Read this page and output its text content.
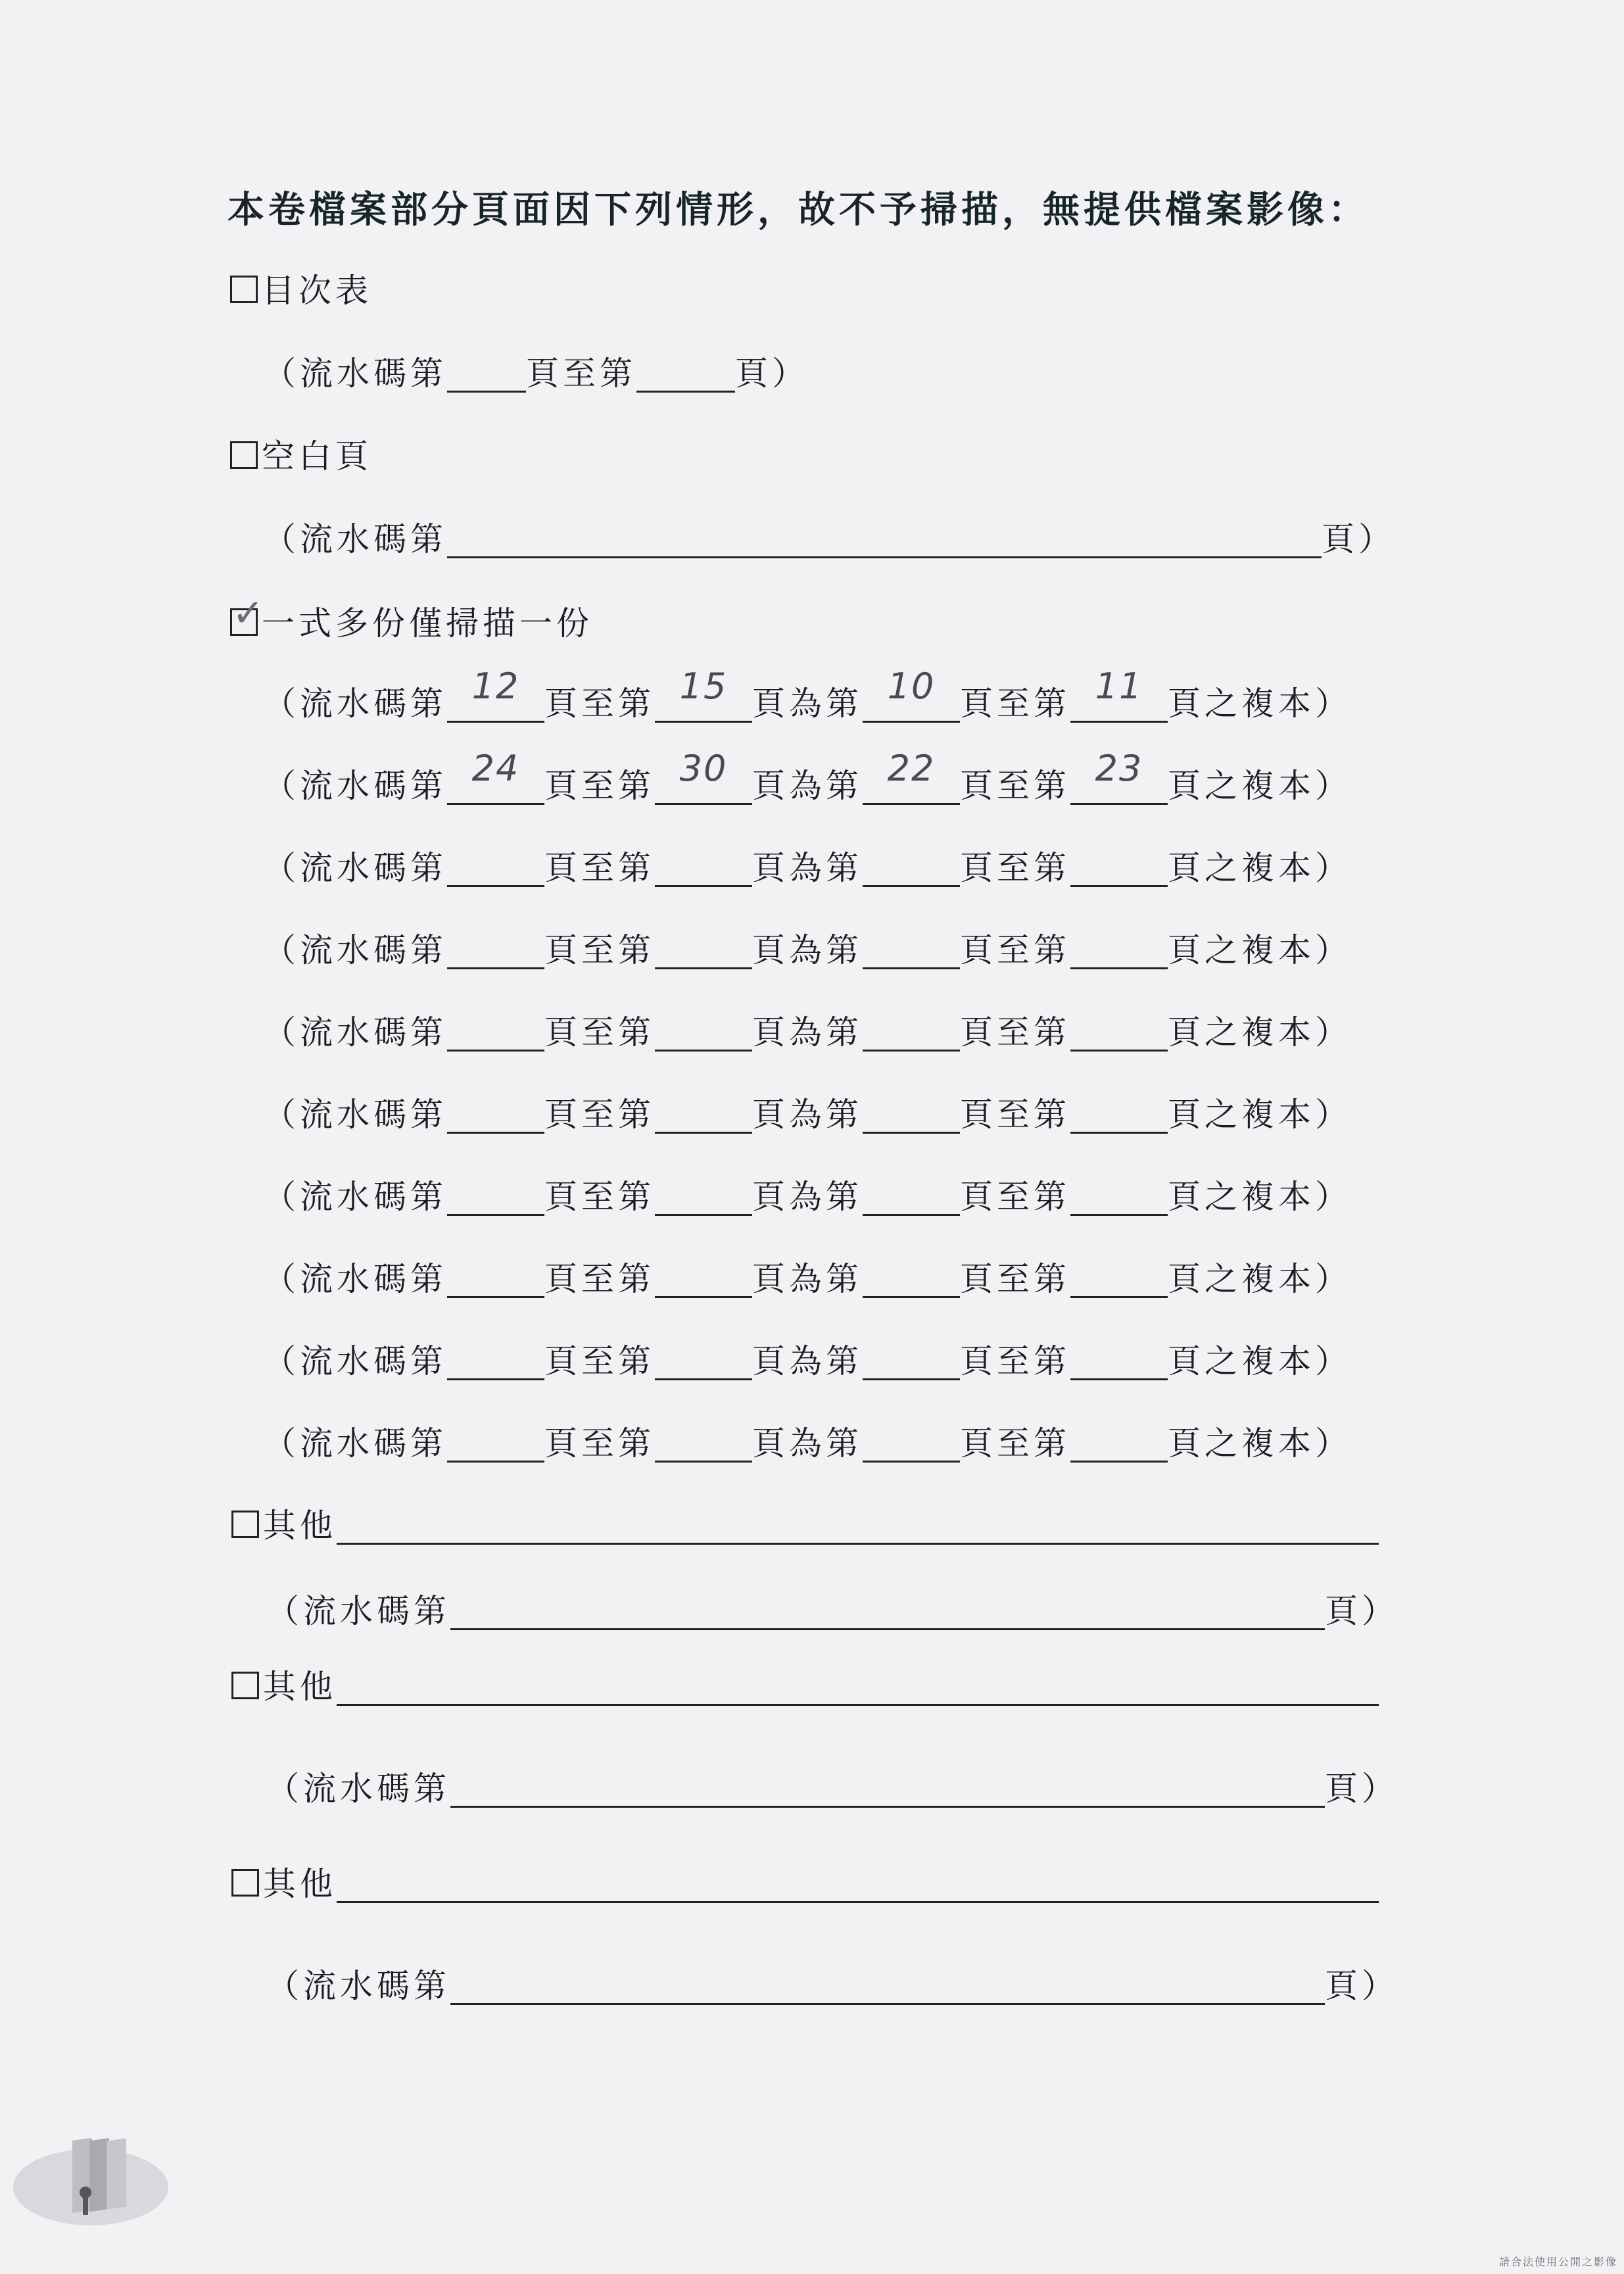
本卷檔案部分頁面因下列情形，故不予掃描，無提供檔案影像：
目次表
（流水碼第 頁至第	頁）
空白頁
（流水碼第	頁）
✓
一式多份僅掃描一份
（流水碼第 12 頁至第 15 頁為第 10 頁至第 11 頁之複本）
（流水碼第 24 頁至第 30 頁為第 22 頁至第 23 頁之複本）
（流水碼第	頁至第	頁為第	頁至第	頁之複本）
（流水碼第	頁至第	頁為第	頁至第	頁之複本）
（流水碼第	頁至第	頁為第	頁至第	頁之複本）
（流水碼第	頁至第	頁為第	頁至第	頁之複本）
（流水碼第	頁至第	頁為第	頁至第	頁之複本）
（流水碼第	頁至第	頁為第	頁至第	頁之複本）
（流水碼第	頁至第	頁為第	頁至第	頁之複本）
（流水碼第	頁至第	頁為第	頁至第	頁之複本）
其他
（流水碼第	頁）
其他
（流水碼第	頁）
其他
（流水碼第	頁）
請合法使用公開之影像
